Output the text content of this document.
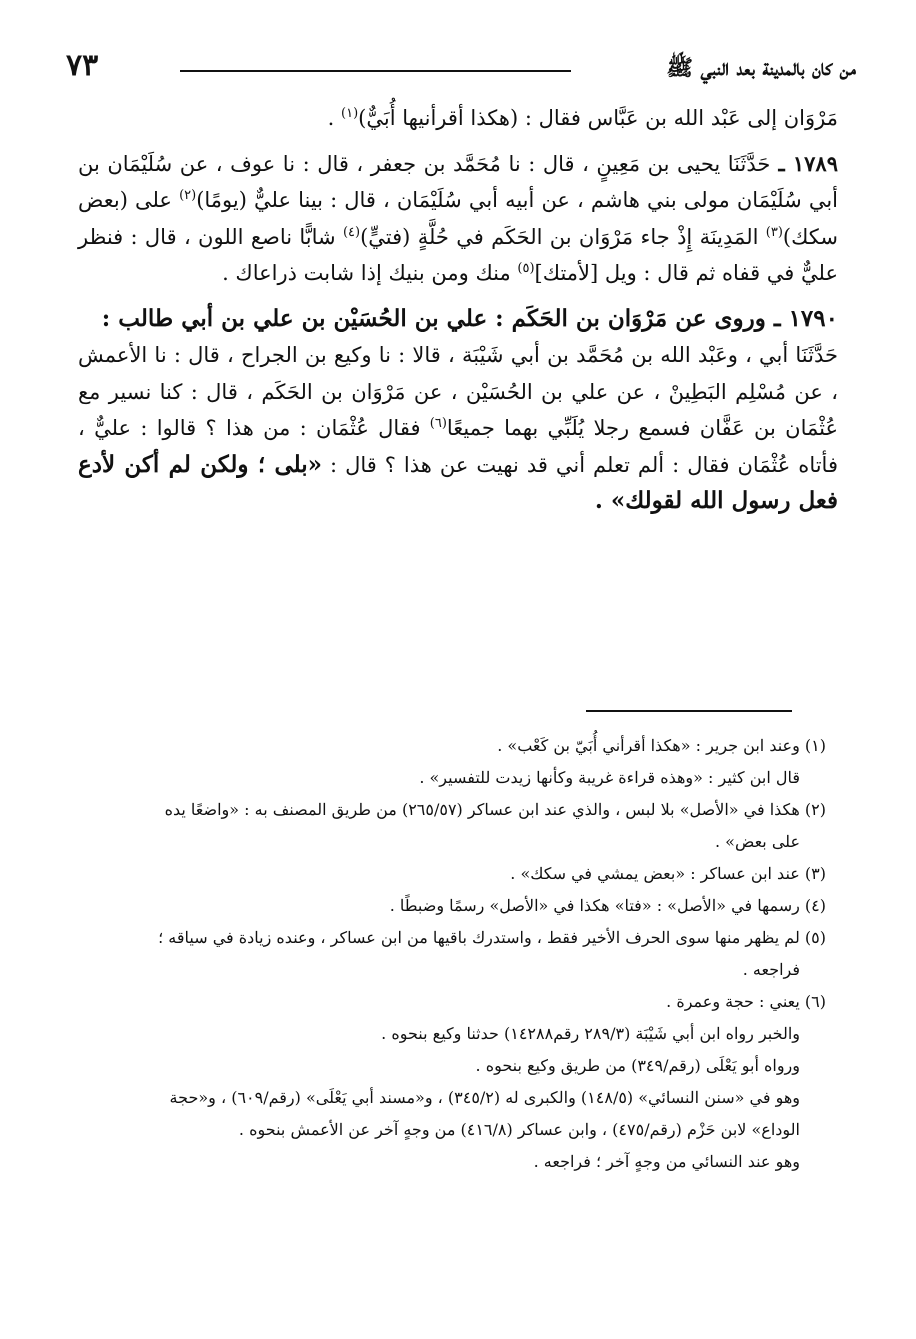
٧٣	من كان بالمدينة بعد النبي ﷺ

مَرْوَان إلى عَبْد الله بن عَبَّاس فقال : (هكذا أقرأنيها أُبَيٌّ)$^{(١)}$ .

١٧٨٩ ـ حَدَّثَنَا يحيى بن مَعِينٍ ، قال : نا مُحَمَّد بن جعفر ، قال : نا عوف ، عن سُلَيْمَان بن أبي سُلَيْمَان مولى بني هاشم ، عن أبيه أبي سُلَيْمَان ، قال : بينا عليٌّ (يومًا)$^{(٢)}$ على (بعض سكك)$^{(٣)}$ المَدِينَة إِذْ جاء مَرْوَان بن الحَكَم في حُلَّةٍ (فتيٍّ)$^{(٤)}$ شابًّا ناصع اللون ، قال : فنظر عليٌّ في قفاه ثم قال : ويل [لأمتك]$^{(٥)}$ منك ومن بنيك إذا شابت ذراعاك .

١٧٩٠ ـ وروى عن مَرْوَان بن الحَكَم : علي بن الحُسَيْن بن علي بن أبي طالب :

حَدَّثَنَا أبي ، وعَبْد الله بن مُحَمَّد بن أبي شَيْبَة ، قالا : نا وكيع بن الجراح ، قال : نا الأعمش ، عن مُسْلِم البَطِينْ ، عن علي بن الحُسَيْن ، عن مَرْوَان بن الحَكَم ، قال : كنا نسير مع عُثْمَان بن عَفَّان فسمع رجلا يُلَبِّي بهما جميعًا$^{(٦)}$ فقال عُثْمَان : من هذا ؟ قالوا : عليٌّ ، فأتاه عُثْمَان فقال : ألم تعلم أني قد نهيت عن هذا ؟ قال : «بلى ؛ ولكن لم أكن لأدع فعل رسول الله لقولك» .

(١) وعند ابن جرير : «هكذا أقرأني أُبَيّ بن كَعْب» .

قال ابن كثير : «وهذه قراءة غريبة وكأنها زيدت للتفسير» .

(٢) هكذا في «الأصل» بلا لبس ، والذي عند ابن عساكر (٢٦٥/٥٧) من طريق المصنف به : «واضعًا يده

على بعض» .

(٣) عند ابن عساكر : «بعض يمشي في سكك» .

(٤) رسمها في «الأصل» : «فتا» هكذا في «الأصل» رسمًا وضبطًا .

(٥) لم يظهر منها سوى الحرف الأخير فقط ، واستدرك باقيها من ابن عساكر ، وعنده زيادة في سياقه ؛

فراجعه .

(٦) يعني : حجة وعمرة .

والخبر رواه ابن أبي شَيْبَة (٢٨٩/٣ رقم١٤٢٨٨) حدثنا وكيع بنحوه .

ورواه أبو يَعْلَى (رقم/٣٤٩) من طريق وكيع بنحوه .

وهو في «سنن النسائي» (١٤٨/٥) والكبرى له (٣٤٥/٢) ، و«مسند أبي يَعْلَى» (رقم/٦٠٩) ، و«حجة

الوداع» لابن حَزْم (رقم/٤٧٥) ، وابن عساكر (٤١٦/٨) من وجهٍ آخر عن الأعمش بنحوه .

وهو عند النسائي من وجهٍ آخر ؛ فراجعه .
